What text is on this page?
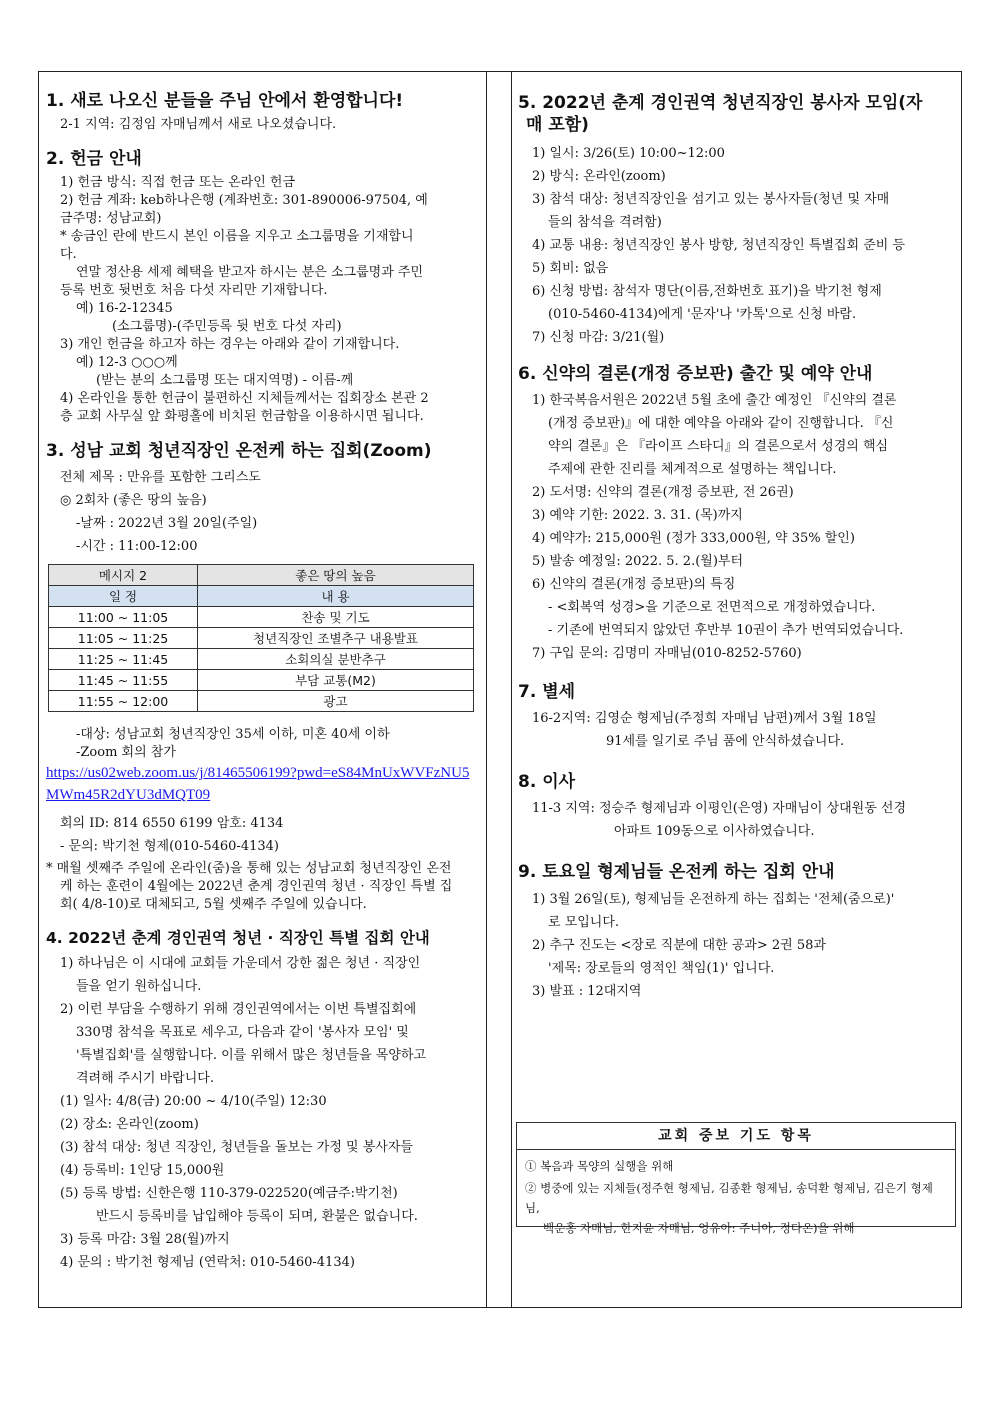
1. 새로 나오신 분들을 주님 안에서 환영합니다!

2-1 지역: 김정임 자매님께서 새로 나오셨습니다.

2. 헌금 안내

1) 헌금 방식: 직접 헌금 또는 온라인 헌금

2) 헌금 계좌: keb하나은행 (계좌번호: 301-890006-97504, 예

금주명: 성남교회)

* 송금인 란에 반드시 본인 이름을 지우고 소그룹명을 기재합니

다.

연말 정산용 세제 혜택을 받고자 하시는 분은 소그룹명과 주민

등록 번호 뒷번호 처음 다섯 자리만 기재합니다.

예) 16-2-12345

(소그룹명)-(주민등록 뒷 번호 다섯 자리)

3) 개인 헌금을 하고자 하는 경우는 아래와 같이 기재합니다.

예) 12-3 ○○○께

(받는 분의 소그룹명 또는 대지역명) - 이름-께

4) 온라인을 통한 헌금이 불편하신 지체들께서는 집회장소 본관 2

층 교회 사무실 앞 화평홀에 비치된 헌금함을 이용하시면 됩니다.

3. 성남 교회 청년직장인 온전케 하는 집회(Zoom)

전체 제목 : 만유를 포함한 그리스도

◎ 2회차 (좋은 땅의 높음)

-날짜 : 2022년 3월 20일(주일)

-시간 : 11:00-12:00

메시지 2	좋은 땅의 높음
일 정	내 용
11:00 ~ 11:05	찬송 및 기도
11:05 ~ 11:25	청년직장인 조별추구 내용발표
11:25 ~ 11:45	소회의실 분반추구
11:45 ~ 11:55	부담 교통(M2)
11:55 ~ 12:00	광고

-대상: 성남교회 청년직장인 35세 이하, 미혼 40세 이하

-Zoom 회의 참가

https://us02web.zoom.us/j/81465506199?pwd=eS84MnUxWVFzNU5MWm45R2dYU3dMQT09

회의 ID: 814 6550 6199 암호: 4134

- 문의: 박기천 형제(010-5460-4134)

* 매월 셋째주 주일에 온라인(줌)을 통해 있는 성남교회 청년직장인 온전

케 하는 훈련이 4월에는 2022년 춘계 경인권역 청년 · 직장인 특별 집

회( 4/8-10)로 대체되고, 5월 셋째주 주일에 있습니다.

4. 2022년 춘계 경인권역 청년 · 직장인 특별 집회 안내

1) 하나님은 이 시대에 교회들 가운데서 강한 젊은 청년 · 직장인

들을 얻기 원하십니다.

2) 이런 부담을 수행하기 위해 경인권역에서는 이번 특별집회에

330명 참석을 목표로 세우고, 다음과 같이 '봉사자 모임' 및

'특별집회'를 실행합니다. 이를 위해서 많은 청년들을 목양하고

격려해 주시기 바랍니다.

(1) 일사: 4/8(금) 20:00 ~ 4/10(주일) 12:30

(2) 장소: 온라인(zoom)

(3) 참석 대상: 청년 직장인, 청년들을 돌보는 가정 및 봉사자들

(4) 등록비: 1인당 15,000원

(5) 등록 방법: 신한은행 110-379-022520(예금주:박기천)

반드시 등록비를 납입해야 등록이 되며, 환불은 없습니다.

3) 등록 마감: 3월 28(월)까지

4) 문의 : 박기천 형제님 (연락처: 010-5460-4134)

5. 2022년 춘계 경인권역 청년직장인 봉사자 모임(자
매 포함)

1) 일시: 3/26(토) 10:00~12:00

2) 방식: 온라인(zoom)

3) 참석 대상: 청년직장인을 섬기고 있는 봉사자들(청년 및 자매

들의 참석을 격려함)

4) 교통 내용: 청년직장인 봉사 방향, 청년직장인 특별집회 준비 등

5) 회비: 없음

6) 신청 방법: 참석자 명단(이름,전화번호 표기)을 박기천 형제

(010-5460-4134)에게 '문자'나 '카톡'으로 신청 바람.

7) 신청 마감: 3/21(월)

6. 신약의 결론(개정 증보판) 출간 및 예약 안내

1) 한국복음서원은 2022년 5월 초에 출간 예정인 『신약의 결론

(개정 증보판)』에 대한 예약을 아래와 같이 진행합니다. 『신

약의 결론』은 『라이프 스타디』의 결론으로서 성경의 핵심

주제에 관한 진리를 체계적으로 설명하는 책입니다.

2) 도서명: 신약의 결론(개정 증보판, 전 26권)

3) 예약 기한: 2022. 3. 31. (목)까지

4) 예약가: 215,000원 (정가 333,000원, 약 35% 할인)

5) 발송 예정일: 2022. 5. 2.(월)부터

6) 신약의 결론(개정 증보판)의 특징

- <회복역 성경>을 기준으로 전면적으로 개정하였습니다.

- 기존에 번역되지 않았던 후반부 10권이 추가 번역되었습니다.

7) 구입 문의: 김명미 자매님(010-8252-5760)

7. 별세

16-2지역: 김영순 형제님(주정희 자매님 남편)께서 3월 18일

91세를 일기로 주님 품에 안식하셨습니다.

8. 이사

11-3 지역: 정승주 형제님과 이평인(은영) 자매님이 상대원동 선경

아파트 109동으로 이사하였습니다.

9. 토요일 형제님들 온전케 하는 집회 안내

1) 3월 26일(토), 형제님들 온전하게 하는 집회는 '전체(줌으로)'

로 모입니다.

2) 추구 진도는 <장로 직분에 대한 공과> 2권 58과

'제목: 장로들의 영적인 책임(1)' 입니다.

3) 발표 : 12대지역

교회 중보 기도 항목
① 복음과 목양의 실행을 위해
② 병중에 있는 지체들(정주현 형제님, 김종환 형제님, 송덕환 형제님, 김은기 형제님,
백운홍 자매님, 한지윤 자매님, 엉유아: 주니아, 정다온)을 위해
